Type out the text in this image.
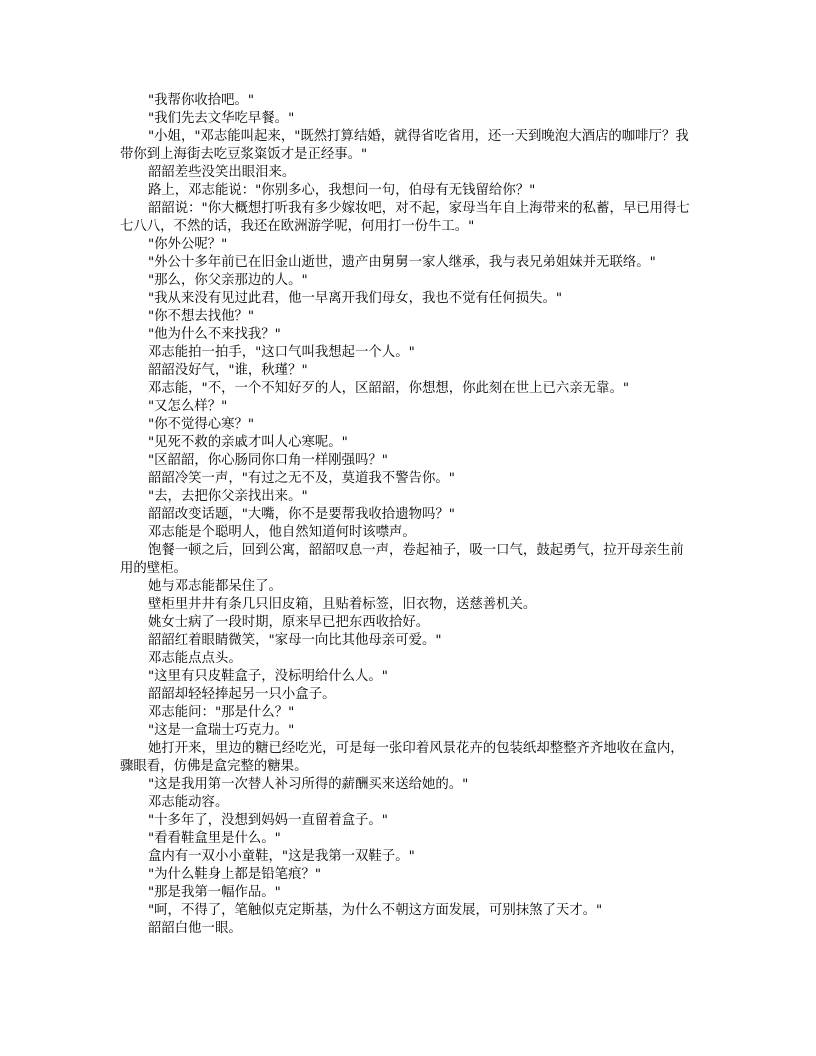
"我帮你收拾吧。"

"我们先去文华吃早餐。"

"小姐，"邓志能叫起来，"既然打算结婚，就得省吃省用，还一天到晚泡大酒店的咖啡厅？我带你到上海街去吃豆浆粢饭才是正经事。"

韶韶差些没笑出眼泪来。

路上，邓志能说："你别多心，我想问一句，伯母有无钱留给你？"

韶韶说："你大概想打听我有多少嫁妆吧，对不起，家母当年自上海带来的私蓄，早已用得七七八八，不然的话，我还在欧洲游学呢，何用打一份牛工。"

"你外公呢？"

"外公十多年前已在旧金山逝世，遗产由舅舅一家人继承，我与表兄弟姐妹并无联络。"

"那么，你父亲那边的人。"

"我从来没有见过此君，他一早离开我们母女，我也不觉有任何损失。"

"你不想去找他？"

"他为什么不来找我？"

邓志能拍一拍手，"这口气叫我想起一个人。"

韶韶没好气，"谁，秋瑾？"

邓志能，"不，一个不知好歹的人，区韶韶，你想想，你此刻在世上已六亲无靠。"

"又怎么样？"

"你不觉得心寒？"

"见死不救的亲戚才叫人心寒呢。"

"区韶韶，你心肠同你口角一样刚强吗？"

韶韶冷笑一声，"有过之无不及，莫道我不警告你。"

"去，去把你父亲找出来。"

韶韶改变话题，"大嘴，你不是要帮我收拾遗物吗？"

邓志能是个聪明人，他自然知道何时该噤声。

饱餐一顿之后，回到公寓，韶韶叹息一声，卷起袖子，吸一口气，鼓起勇气，拉开母亲生前用的壁柜。

她与邓志能都呆住了。

壁柜里井井有条几只旧皮箱，且贴着标签，旧衣物，送慈善机关。

姚女士病了一段时期，原来早已把东西收拾好。

韶韶红着眼睛微笑，"家母一向比其他母亲可爱。"

邓志能点点头。

"这里有只皮鞋盒子，没标明给什么人。"

韶韶却轻轻捧起另一只小盒子。

邓志能问："那是什么？"

"这是一盒瑞士巧克力。"

她打开来，里边的糖已经吃光，可是每一张印着风景花卉的包装纸却整整齐齐地收在盒内，骤眼看，仿佛是盒完整的糖果。

"这是我用第一次替人补习所得的薪酬买来送给她的。"

邓志能动容。

"十多年了，没想到妈妈一直留着盒子。"

"看看鞋盒里是什么。"

盒内有一双小小童鞋，"这是我第一双鞋子。"

"为什么鞋身上都是铅笔痕？"

"那是我第一幅作品。"

"呵，不得了，笔触似克定斯基，为什么不朝这方面发展，可别抹煞了天才。"

韶韶白他一眼。
